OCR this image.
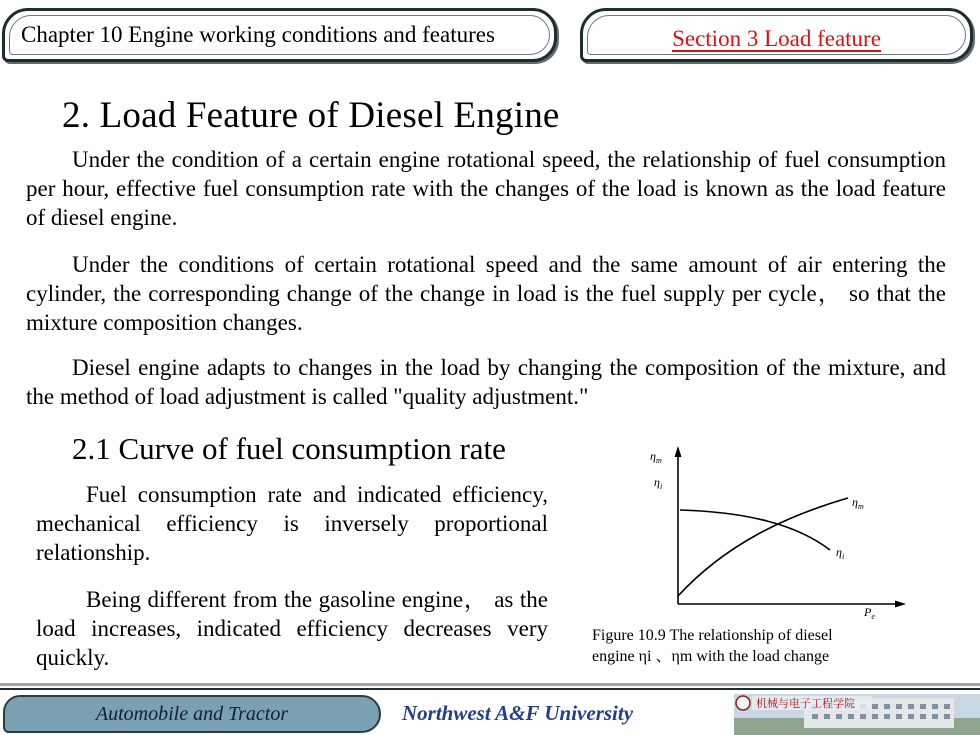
Chapter 10 Engine working conditions and features	Section 3 Load feature
2. Load Feature of Diesel Engine

Under the condition of a certain engine rotational speed, the relationship of fuel consumption per hour, effective fuel consumption rate with the changes of the load is known as the load feature of diesel engine.

Under the conditions of certain rotational speed and the same amount of air entering the cylinder, the corresponding change of the change in load is the fuel supply per cycle， so that the mixture composition changes.

Diesel engine adapts to changes in the load by changing the composition of the mixture, and the method of load adjustment is called "quality adjustment."

2.1 Curve of fuel consumption rate

Fuel consumption rate and indicated efficiency, mechanical efficiency is inversely proportional relationship.

Being different from the gasoline engine， as the load increases, indicated efficiency decreases very quickly.

$\eta_m$
$\eta_i$
$\eta_m$
$\eta_i$
$P_e$

Figure 10.9 The relationship of diesel
engine ηi 、ηm with the load change

Automobile and Tractor	Northwest A&F University	机械与电子工程学院
